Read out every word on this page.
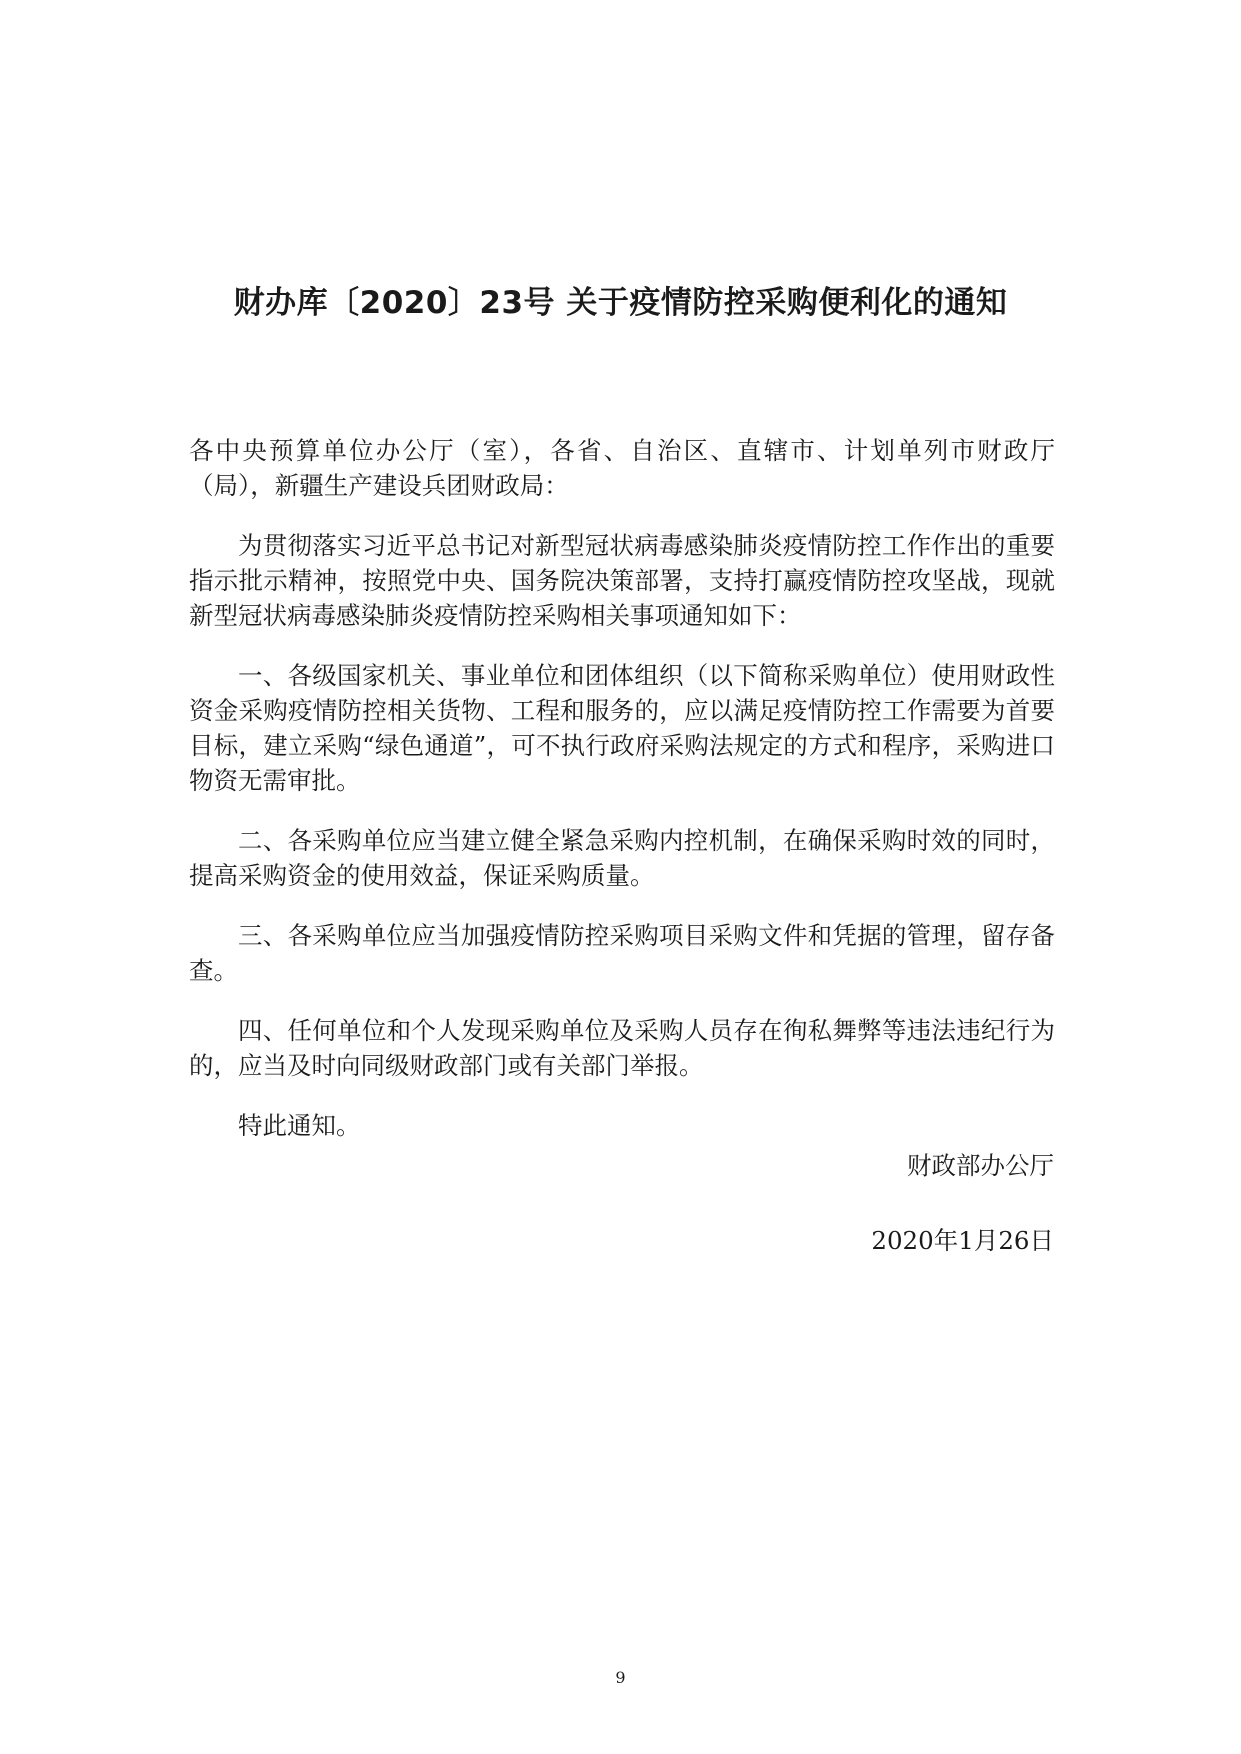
财办库〔2020〕23号 关于疫情防控采购便利化的通知

各中央预算单位办公厅（室），各省、自治区、直辖市、计划单列市财政厅（局），新疆生产建设兵团财政局：

为贯彻落实习近平总书记对新型冠状病毒感染肺炎疫情防控工作作出的重要指示批示精神，按照党中央、国务院决策部署，支持打赢疫情防控攻坚战，现就新型冠状病毒感染肺炎疫情防控采购相关事项通知如下：

一、各级国家机关、事业单位和团体组织（以下简称采购单位）使用财政性资金采购疫情防控相关货物、工程和服务的，应以满足疫情防控工作需要为首要目标，建立采购“绿色通道”，可不执行政府采购法规定的方式和程序，采购进口物资无需审批。

二、各采购单位应当建立健全紧急采购内控机制，在确保采购时效的同时，提高采购资金的使用效益，保证采购质量。

三、各采购单位应当加强疫情防控采购项目采购文件和凭据的管理，留存备查。

四、任何单位和个人发现采购单位及采购人员存在徇私舞弊等违法违纪行为的，应当及时向同级财政部门或有关部门举报。

特此通知。

财政部办公厅
2020年1月26日
9
